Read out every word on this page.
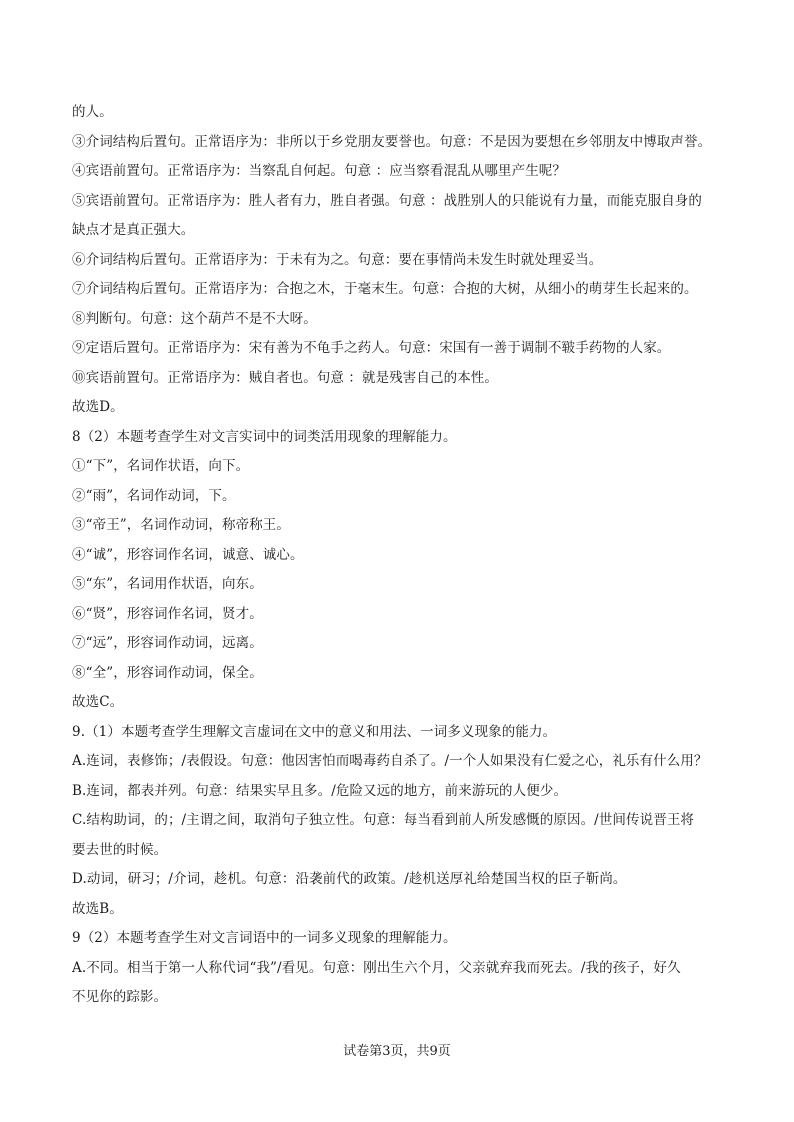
的人。
③介词结构后置句。正常语序为：非所以于乡党朋友要誉也。句意：不是因为要想在乡邻朋友中博取声誉。
④宾语前置句。正常语序为：当察乱自何起。句意 ：应当察看混乱从哪里产生呢？
⑤宾语前置句。正常语序为：胜人者有力，胜自者强。句意 ：战胜别人的只能说有力量，而能克服自身的
缺点才是真正强大。
⑥介词结构后置句。正常语序为：于未有为之。句意：要在事情尚未发生时就处理妥当。
⑦介词结构后置句。正常语序为：合抱之木，于毫末生。句意：合抱的大树，从细小的萌芽生长起来的。
⑧判断句。句意：这个葫芦不是不大呀。
⑨定语后置句。正常语序为：宋有善为不龟手之药人。句意：宋国有一善于调制不皲手药物的人家。
⑩宾语前置句。正常语序为：贼自者也。句意 ：就是残害自己的本性。
故选D。
8（2）本题考查学生对文言实词中的词类活用现象的理解能力。
①“下”，名词作状语，向下。
②“雨”，名词作动词，下。
③“帝王”，名词作动词，称帝称王。
④“诚”，形容词作名词，诚意、诚心。
⑤“东”，名词用作状语，向东。
⑥“贤”，形容词作名词，贤才。
⑦“远”，形容词作动词，远离。
⑧“全”，形容词作动词，保全。
故选C。
9.（1）本题考查学生理解文言虚词在文中的意义和用法、一词多义现象的能力。
A.连词，表修饰；/表假设。句意：他因害怕而喝毒药自杀了。/一个人如果没有仁爱之心，礼乐有什么用？
B.连词，都表并列。句意：结果实早且多。/危险又远的地方，前来游玩的人便少。
C.结构助词，的；/主谓之间，取消句子独立性。句意：每当看到前人所发感慨的原因。/世间传说晋王将
要去世的时候。
D.动词，研习；/介词，趁机。句意：沿袭前代的政策。/趁机送厚礼给楚国当权的臣子靳尚。
故选B。
9（2）本题考查学生对文言词语中的一词多义现象的理解能力。
A.不同。相当于第一人称代词“我”/看见。句意：刚出生六个月，父亲就弃我而死去。/我的孩子，好久
不见你的踪影。
试卷第3页，共9页
